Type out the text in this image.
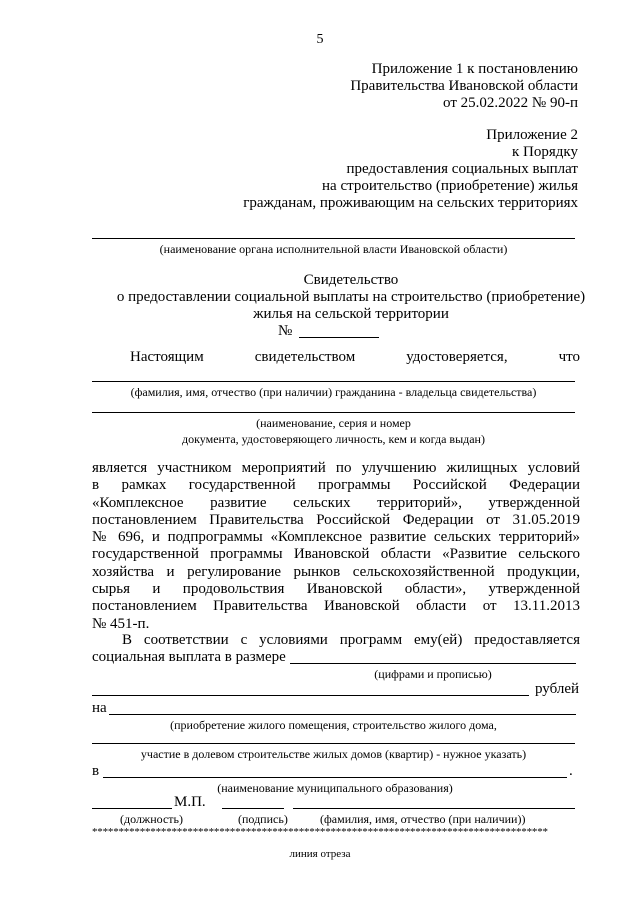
5
Приложение 1 к постановлению
Правительства Ивановской области
от 25.02.2022 № 90-п
Приложение 2
к Порядку
предоставления социальных выплат
на строительство (приобретение) жилья
гражданам, проживающим на сельских территориях
(наименование органа исполнительной власти Ивановской области)
Свидетельство
о предоставлении социальной выплаты на строительство (приобретение)
жилья на сельской территории
№
Настоящим	свидетельством	удостоверяется,	что
(фамилия, имя, отчество (при наличии) гражданина - владельца свидетельства)
(наименование, серия и номер
документа, удостоверяющего личность, кем и когда выдан)
является участником мероприятий по улучшению жилищных условий
в рамках государственной программы Российской Федерации
«Комплексное развитие сельских территорий», утвержденной
постановлением Правительства Российской Федерации от 31.05.2019
№ 696, и подпрограммы «Комплексное развитие сельских территорий»
государственной программы Ивановской области «Развитие сельского
хозяйства и регулирование рынков сельскохозяйственной продукции,
сырья и продовольствия Ивановской области», утвержденной
постановлением Правительства Ивановской области от 13.11.2013
№ 451-п.
В соответствии с условиями программ ему(ей) предоставляется
социальная выплата в размере
(цифрами и прописью)
рублей
на
(приобретение жилого помещения, строительство жилого дома,
участие в долевом строительстве жилых домов (квартир) - нужное указать)
в	.
(наименование муниципального образования)
М.П.
(должность)	(подпись)	(фамилия, имя, отчество (при наличии))
**************************************************************************************
линия отреза
